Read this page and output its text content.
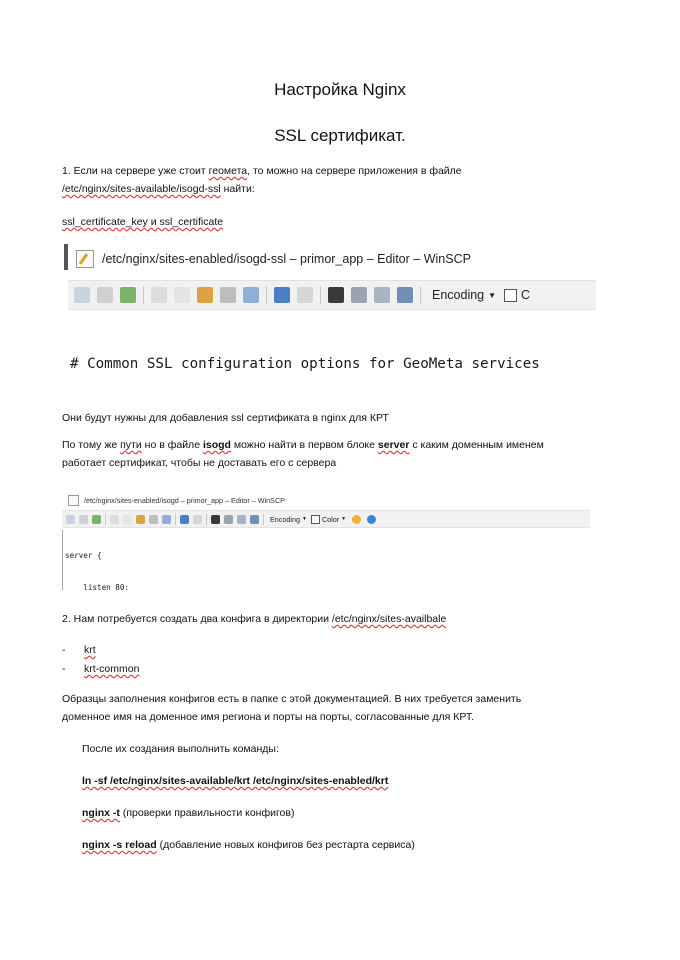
Настройка Nginx
SSL сертификат.
1. Если на сервере уже стоит геомета, то можно на сервере приложения в файле
/etc/nginx/sites-available/isogd-ssl найти:
ssl_certificate_key и ssl_certificate
/etc/nginx/sites-enabled/isogd-ssl – primor_app – Editor – WinSCP
Encoding ▼ C

# Common SSL configuration options for GeoMeta services

Они будут нужны для добавления ssl сертификата в nginx для КРТ
По тому же пути но в файле isogd можно найти в первом блоке server с каким доменным именем
работает сертификат, чтобы не доставать его с сервера
/etc/nginx/sites-enabled/isogd – primor_app – Editor – WinSCP
Encoding ▼ Color ▼

server {

listen 80;

2. Нам потребуется создать два конфига в директории /etc/nginx/sites-availbale
- krt
- krt-common
Образцы заполнения конфигов есть в папке с этой документацией. В них требуется заменить
доменное имя на доменное имя региона и порты на порты, согласованные для КРТ.
После их создания выполнить команды:
ln -sf /etc/nginx/sites-available/krt /etc/nginx/sites-enabled/krt
nginx -t (проверки правильности конфигов)
nginx -s reload (добавление новых конфигов без рестарта сервиса)
